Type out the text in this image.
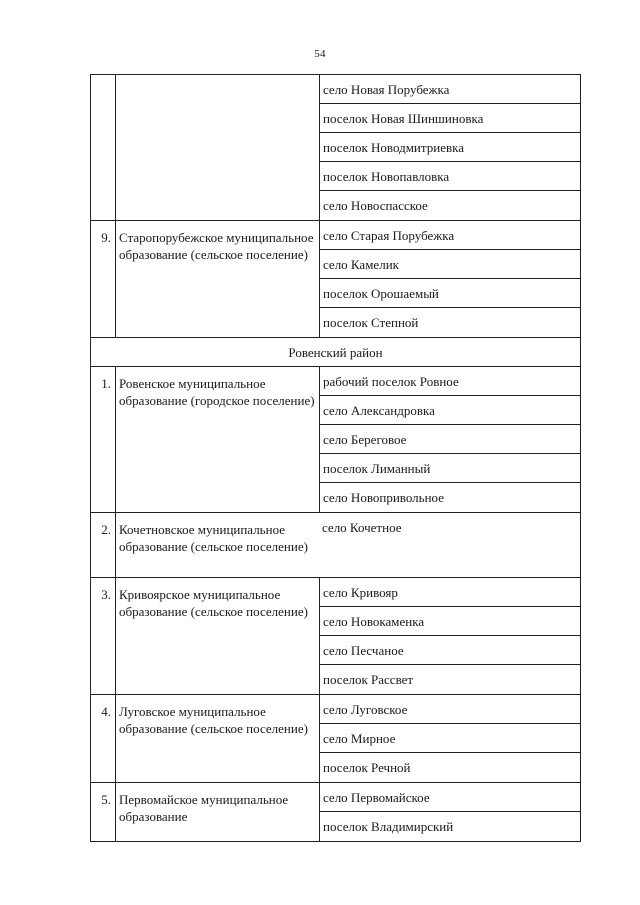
54
село Новая Порубежка
поселок Новая Шиншиновка
поселок Новодмитриевка
поселок Новопавловка
село Новоспасское
9. Старопорубежское муниципальное образование (сельское поселение)
село Старая Порубежка
село Камелик
поселок Орошаемый
поселок Степной
Ровенский район
1. Ровенское муниципальное образование (городское поселение)
рабочий поселок Ровное
село Александровка
село Береговое
поселок Лиманный
село Новопривольное
2. Кочетновское муниципальное образование (сельское поселение)
село Кочетное
3. Кривоярское муниципальное образование (сельское поселение)
село Кривояр
село Новокаменка
село Песчаное
поселок Рассвет
4. Луговское муниципальное образование (сельское поселение)
село Луговское
село Мирное
поселок Речной
5. Первомайское муниципальное образование
село Первомайское
поселок Владимирский
